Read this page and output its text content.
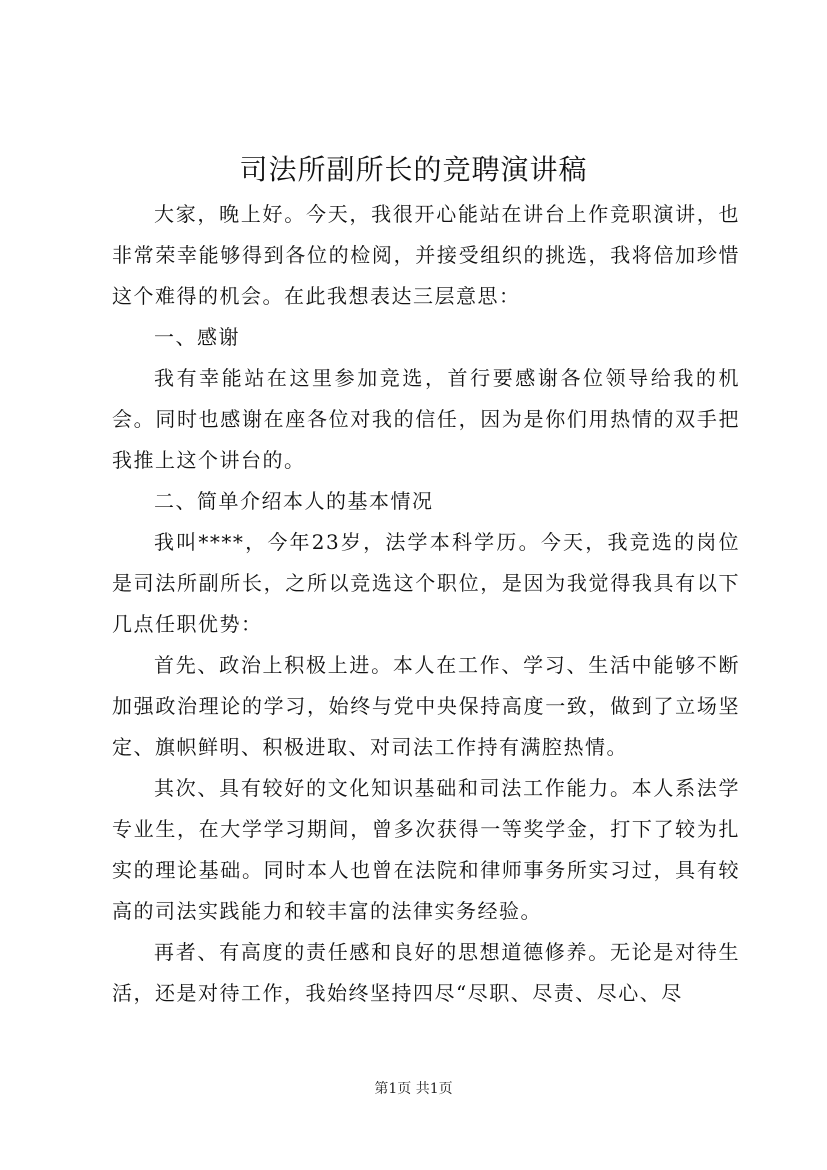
司法所副所长的竞聘演讲稿

大家，晚上好。今天，我很开心能站在讲台上作竞职演讲，也非常荣幸能够得到各位的检阅，并接受组织的挑选，我将倍加珍惜这个难得的机会。在此我想表达三层意思：

一、感谢

我有幸能站在这里参加竞选，首行要感谢各位领导给我的机会。同时也感谢在座各位对我的信任，因为是你们用热情的双手把我推上这个讲台的。

二、简单介绍本人的基本情况

我叫****，今年23岁，法学本科学历。今天，我竞选的岗位是司法所副所长，之所以竞选这个职位，是因为我觉得我具有以下几点任职优势：

首先、政治上积极上进。本人在工作、学习、生活中能够不断加强政治理论的学习，始终与党中央保持高度一致，做到了立场坚定、旗帜鲜明、积极进取、对司法工作持有满腔热情。

其次、具有较好的文化知识基础和司法工作能力。本人系法学专业生，在大学学习期间，曾多次获得一等奖学金，打下了较为扎实的理论基础。同时本人也曾在法院和律师事务所实习过，具有较高的司法实践能力和较丰富的法律实务经验。

再者、有高度的责任感和良好的思想道德修养。无论是对待生活，还是对待工作，我始终坚持四尽“尽职、尽责、尽心、尽

第1页 共1页
